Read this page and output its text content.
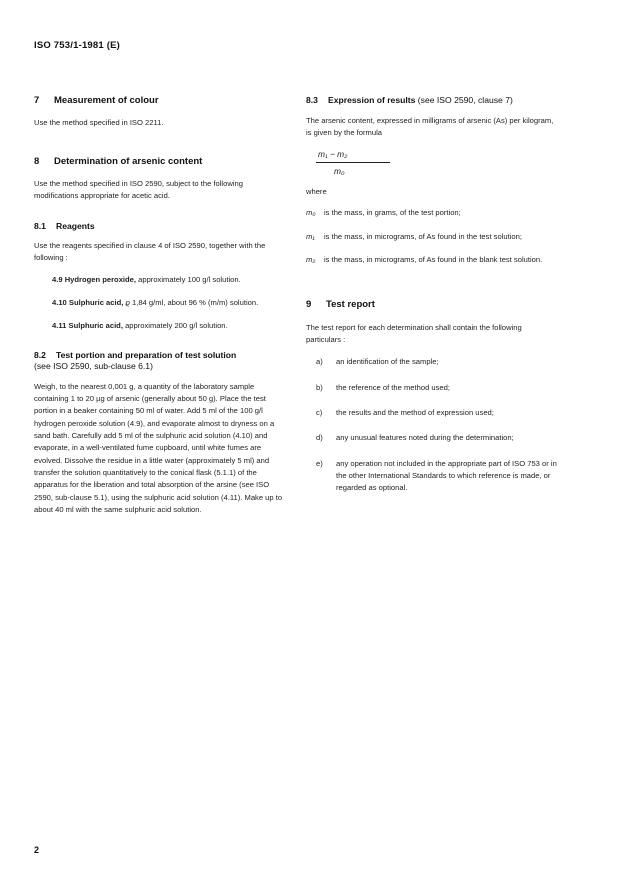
ISO 753/1-1981 (E)
7 Measurement of colour

Use the method specified in ISO 2211.

8 Determination of arsenic content

Use the method specified in ISO 2590, subject to the following modifications appropriate for acetic acid.

8.1 Reagents

Use the reagents specified in clause 4 of ISO 2590, together with the following :

4.9 Hydrogen peroxide, approximately 100 g/l solution.
4.10 Sulphuric acid, ϱ 1,84 g/ml, about 96 % (m/m) solution.
4.11 Sulphuric acid, approximately 200 g/l solution.
8.2 Test portion and preparation of test solution
(see ISO 2590, sub-clause 6.1)

Weigh, to the nearest 0,001 g, a quantity of the laboratory sample containing 1 to 20 µg of arsenic (generally about 50 g). Place the test portion in a beaker containing 50 ml of water. Add 5 ml of the 100 g/l hydrogen peroxide solution (4.9), and evaporate almost to dryness on a sand bath. Carefully add 5 ml of the sulphuric acid solution (4.10) and evaporate, in a well-ventilated fume cupboard, until white fumes are evolved. Dissolve the residue in a little water (approximately 5 ml) and transfer the solution quantitatively to the conical flask (5.1.1) of the apparatus for the liberation and total absorption of the arsine (see ISO 2590, sub-clause 5.1), using the sulphuric acid solution (4.11). Make up to about 40 ml with the same sulphuric acid solution.

8.3 Expression of results (see ISO 2590, clause 7)

The arsenic content, expressed in milligrams of arsenic (As) per kilogram, is given by the formula

m₁ − m₂
m₀

where

m₀ is the mass, in grams, of the test portion;
m₁ is the mass, in micrograms, of As found in the test solution;
m₂ is the mass, in micrograms, of As found in the blank test solution.
9 Test report

The test report for each determination shall contain the following particulars :

a) an identification of the sample;
b) the reference of the method used;
c) the results and the method of expression used;
d) any unusual features noted during the determination;
e) any operation not included in the appropriate part of ISO 753 or in the other International Standards to which reference is made, or regarded as optional.
2
